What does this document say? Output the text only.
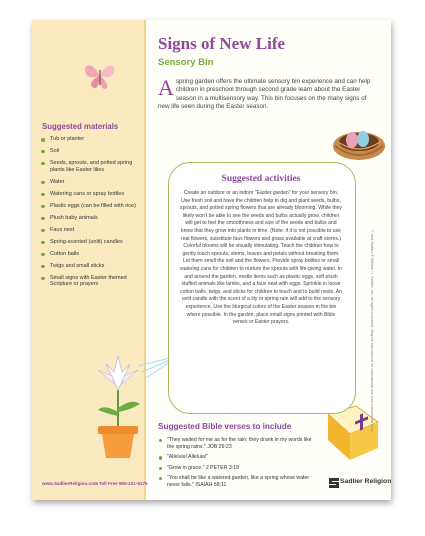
Signs of New Life
Sensory Bin
Aspring garden offers the ultimate sensory bin experience and can help children in preschool through second grade learn about the Easter season in a multisensory way. This bin focuses on the many signs of new life seen during the Easter season.
Suggested materials
Tub or planter
Soil
Seeds, sprouts, and potted spring plants like Easter lilies
Water
Watering cans or spray bottles
Plastic eggs (can be filled with rice)
Plush baby animals
Faux nest
Spring-scented (unlit) candles
Cotton balls
Twigs and small sticks
Small signs with Easter themed Scripture or prayers
Suggested activities
Create an outdoor or an indoor "Easter garden" for your sensory bin. Use fresh soil and have the children help to dig and plant seeds, bulbs, sprouts, and potted spring flowers that are already blooming. While they likely won't be able to see the seeds and bulbs actually grow, children will get to feel the smoothness and size of the seeds and bulbs and know that they grow into plants in time. (Note: if it is not possible to use real flowers, substitute faux flowers and grass available at craft stores.) Colorful blooms will be visually stimulating. Teach the children how to gently touch sprouts, stems, leaves and petals without breaking them. Let them smell the soil and the flowers. Provide spray bottles or small watering cans for children to nurture the sprouts with life-giving water. In and around the garden, nestle items such as plastic eggs, soft plush stuffed animals like lambs, and a faux nest with eggs. Sprinkle in loose cotton balls, twigs, and sticks for children to touch and to build nests. An unlit candle with the scent of a lily or spring rain will add to the sensory experience. Use the liturgical colors of the Easter season in the bin where possible. In the garden, place small signs printed with Bible verses or Easter prayers.
Suggested Bible verses to include
"They waited for me as for the rain; they drank in my words like the spring rains." JOB 29:23
"Alleluia! Alleluia!"
"Grow in grace." 2 PETER 3:18
"You shall be like a watered garden, like a spring whose water never fails." ISAIAH 58:11
© and Sadlier ® William H. Sadlier, Inc. All rights reserved. May be reproduced for educational use (not commercial use).
www.SadlierReligion.com
• Toll Free 800-221-5175	Sadlier Religion
